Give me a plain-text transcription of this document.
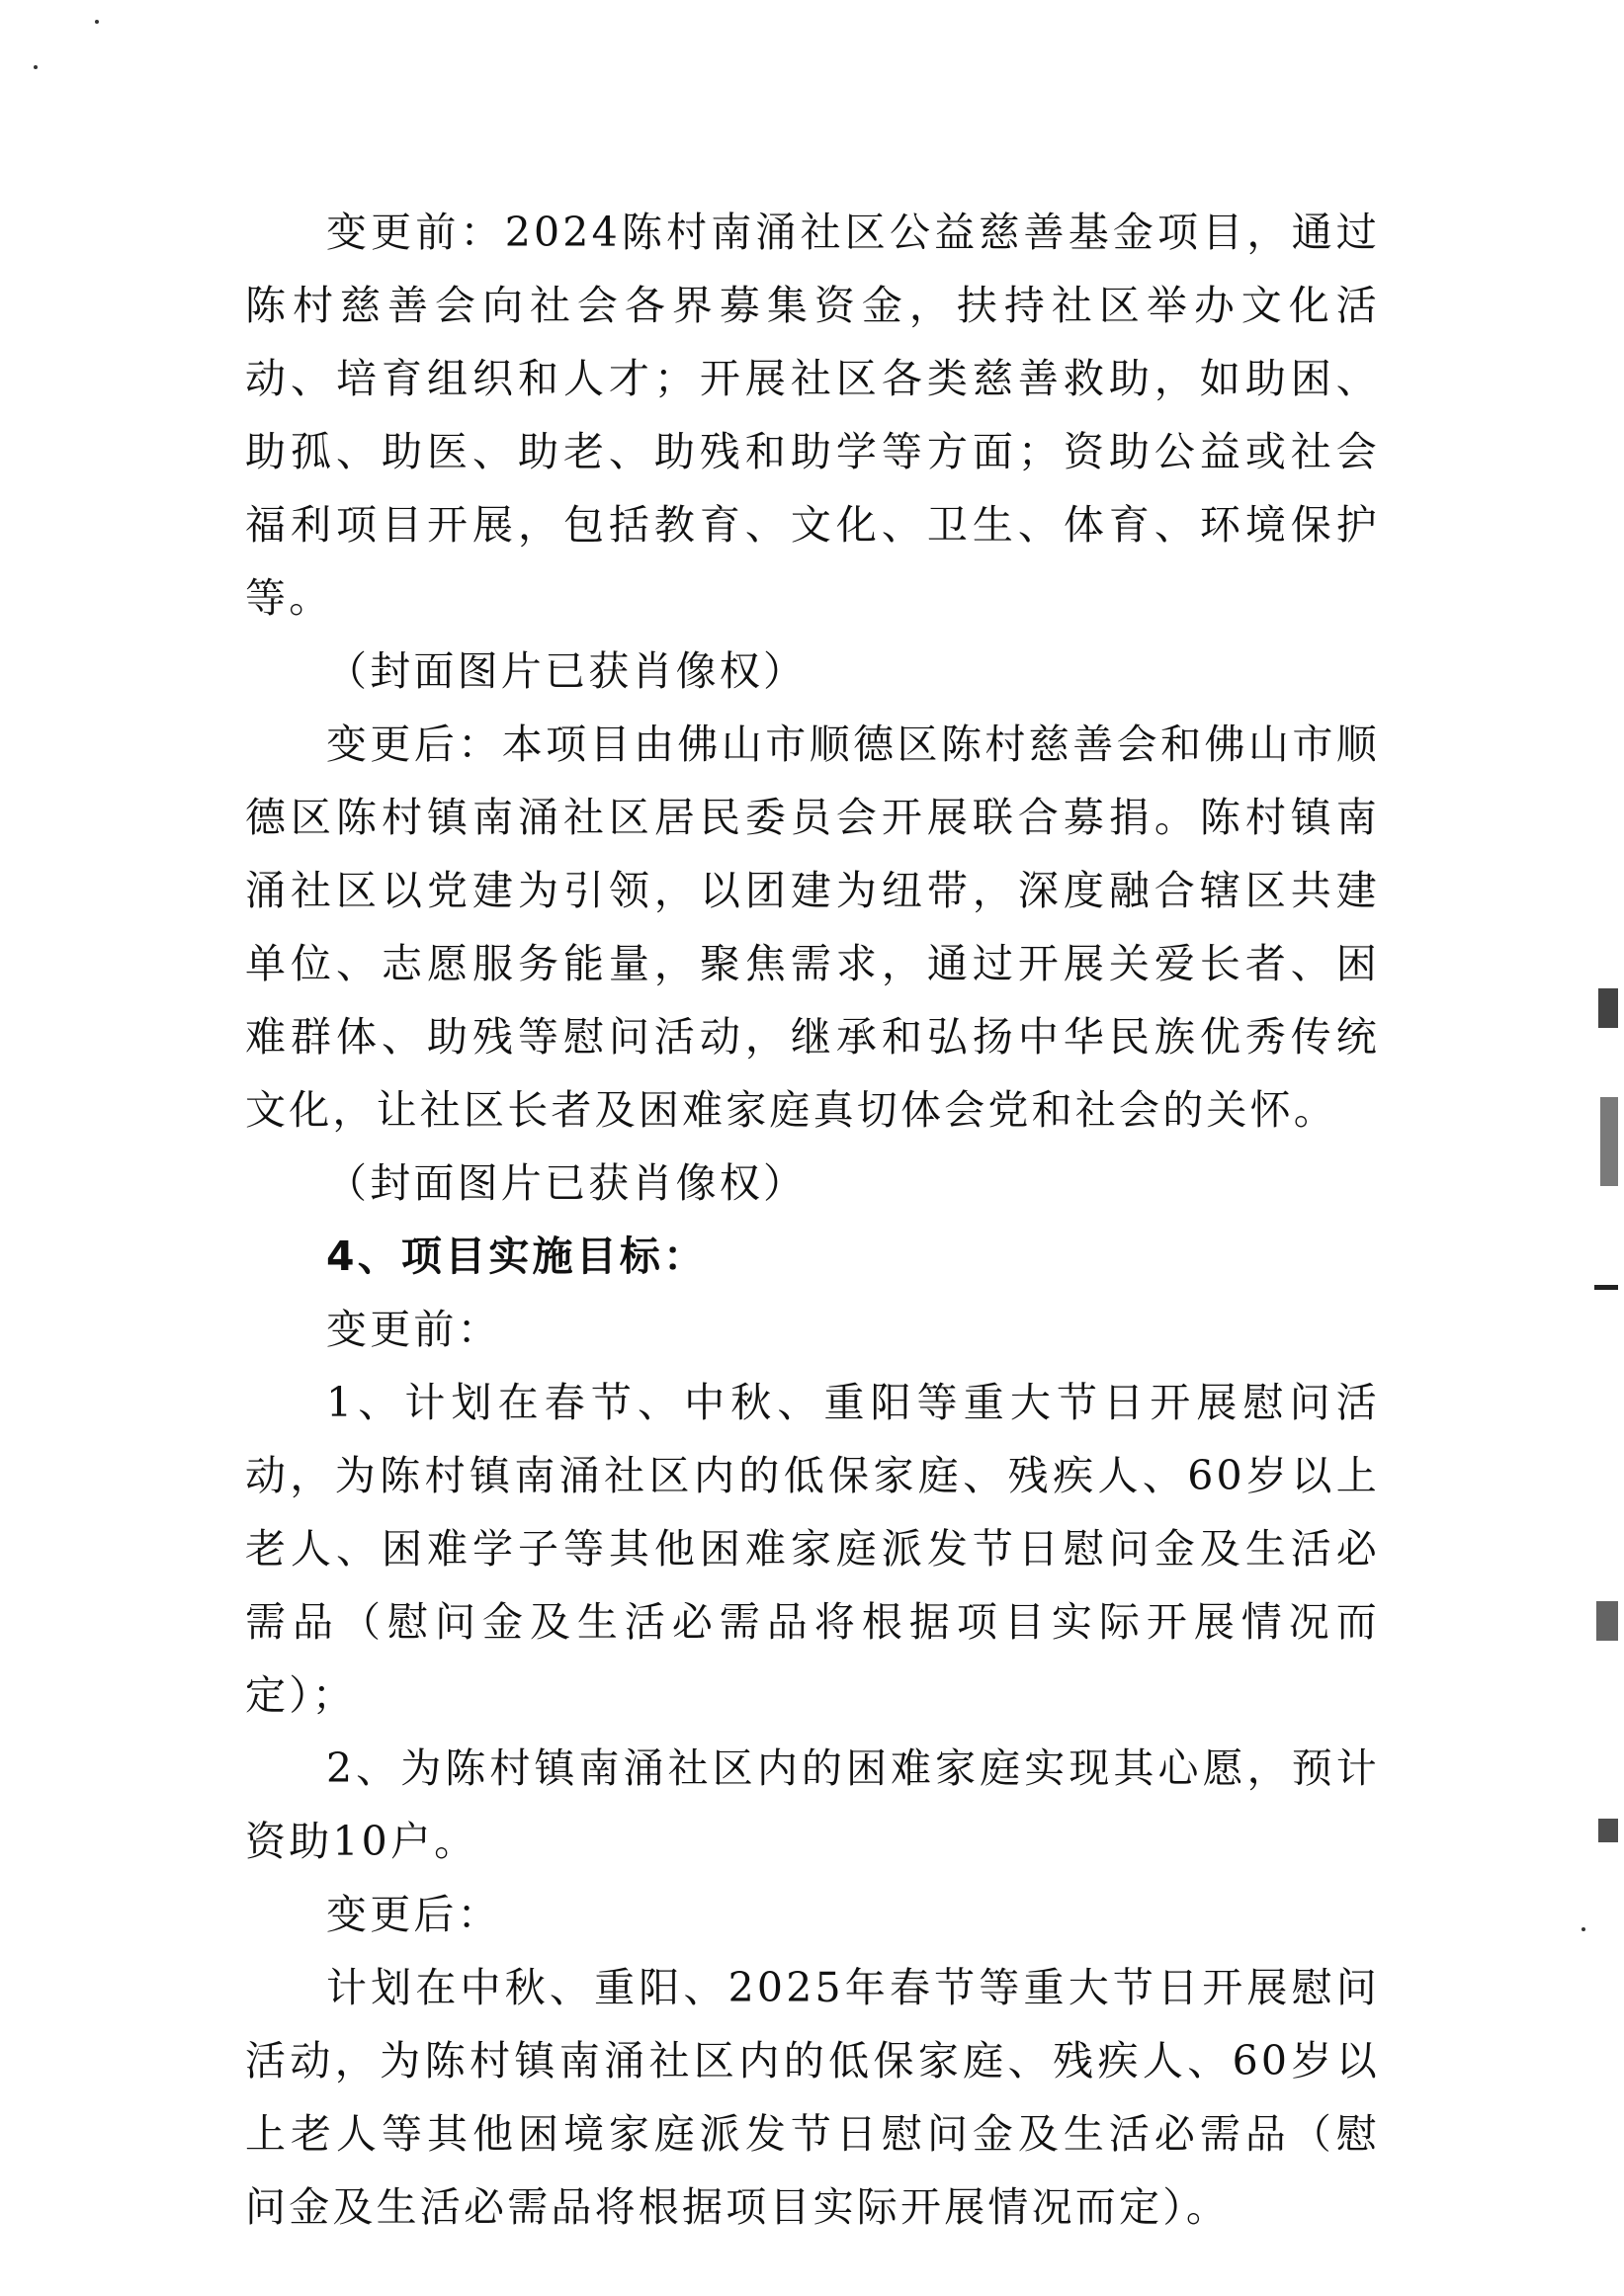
变更前：2024陈村南涌社区公益慈善基金项目，通过陈村慈善会向社会各界募集资金，扶持社区举办文化活动、培育组织和人才；开展社区各类慈善救助，如助困、助孤、助医、助老、助残和助学等方面；资助公益或社会福利项目开展，包括教育、文化、卫生、体育、环境保护等。

（封面图片已获肖像权）

变更后：本项目由佛山市顺德区陈村慈善会和佛山市顺德区陈村镇南涌社区居民委员会开展联合募捐。陈村镇南涌社区以党建为引领，以团建为纽带，深度融合辖区共建单位、志愿服务能量，聚焦需求，通过开展关爱长者、困难群体、助残等慰问活动，继承和弘扬中华民族优秀传统文化，让社区长者及困难家庭真切体会党和社会的关怀。

（封面图片已获肖像权）

4、项目实施目标：

变更前：

1、计划在春节、中秋、重阳等重大节日开展慰问活动，为陈村镇南涌社区内的低保家庭、残疾人、60岁以上老人、困难学子等其他困难家庭派发节日慰问金及生活必需品（慰问金及生活必需品将根据项目实际开展情况而定）；

2、为陈村镇南涌社区内的困难家庭实现其心愿，预计资助10户。

变更后：

计划在中秋、重阳、2025年春节等重大节日开展慰问活动，为陈村镇南涌社区内的低保家庭、残疾人、60岁以上老人等其他困境家庭派发节日慰问金及生活必需品（慰问金及生活必需品将根据项目实际开展情况而定）。
